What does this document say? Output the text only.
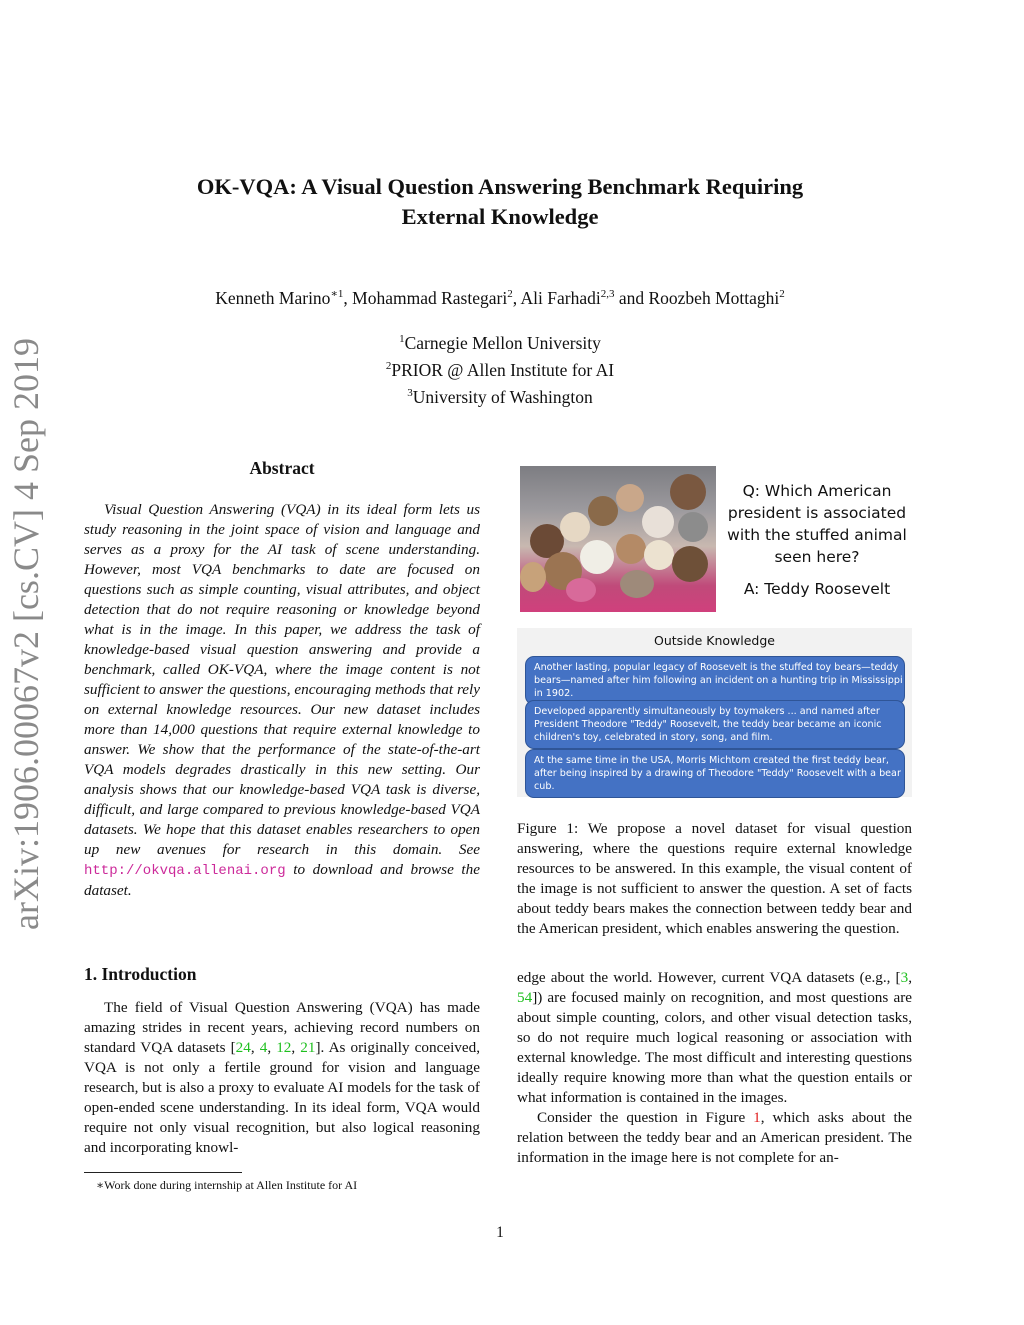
OK-VQA: A Visual Question Answering Benchmark Requiring
External Knowledge
Kenneth Marino$^{∗1}$, Mohammad Rastegari$^2$, Ali Farhadi$^{2,3}$ and Roozbeh Mottaghi$^2$
$^1$Carnegie Mellon University
$^2$PRIOR @ Allen Institute for AI
$^3$University of Washington
arXiv:1906.00067v2 [cs.CV] 4 Sep 2019	Abstract
Visual Question Answering (VQA) in its ideal form lets us study reasoning in the joint space of vision and language and serves as a proxy for the AI task of scene understanding. However, most VQA benchmarks to date are focused on questions such as simple counting, visual attributes, and object detection that do not require reasoning or knowledge beyond what is in the image. In this paper, we address the task of knowledge-based visual question answering and provide a benchmark, called OK-VQA, where the image content is not sufficient to answer the questions, encouraging methods that rely on external knowledge resources. Our new dataset includes more than 14,000 questions that require external knowledge to answer. We show that the performance of the state-of-the-art VQA models degrades drastically in this new setting. Our analysis shows that our knowledge-based VQA task is diverse, difficult, and large compared to previous knowledge-based VQA datasets. We hope that this dataset enables researchers to open up new avenues for research in this domain. See http://okvqa.allenai.org to download and browse the dataset.
1. Introduction
The field of Visual Question Answering (VQA) has made amazing strides in recent years, achieving record numbers on standard VQA datasets [24, 4, 12, 21]. As originally conceived, VQA is not only a fertile ground for vision and language research, but is also a proxy to evaluate AI models for the task of open-ended scene understanding. In its ideal form, VQA would require not only visual recognition, but also logical reasoning and incorporating knowl-
∗Work done during internship at Allen Institute for AI
Q: Which American president is associated with the stuffed animal seen here?
A: Teddy Roosevelt
Outside Knowledge
Another lasting, popular legacy of Roosevelt is the stuffed toy bears—teddy bears—named after him following an incident on a hunting trip in Mississippi in 1902.
Developed apparently simultaneously by toymakers ... and named after President Theodore "Teddy" Roosevelt, the teddy bear became an iconic children's toy, celebrated in story, song, and film.
At the same time in the USA, Morris Michtom created the first teddy bear, after being inspired by a drawing of Theodore "Teddy" Roosevelt with a bear cub.
Figure 1: We propose a novel dataset for visual question answering, where the questions require external knowledge resources to be answered. In this example, the visual content of the image is not sufficient to answer the question. A set of facts about teddy bears makes the connection between teddy bear and the American president, which enables answering the question.
edge about the world. However, current VQA datasets (e.g., [3, 54]) are focused mainly on recognition, and most questions are about simple counting, colors, and other visual detection tasks, so do not require much logical reasoning or association with external knowledge. The most difficult and interesting questions ideally require knowing more than what the question entails or what information is contained in the images.
Consider the question in Figure 1, which asks about the relation between the teddy bear and an American president. The information in the image here is not complete for an-
1
